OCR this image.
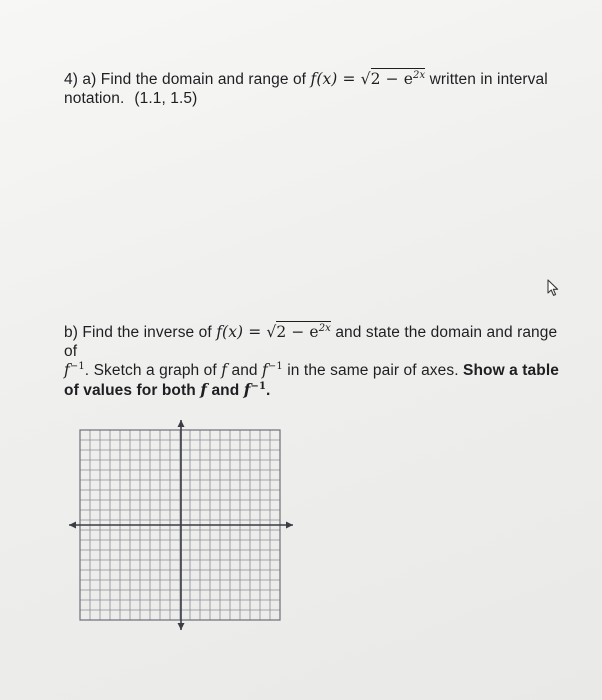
4) a) Find the domain and range of $f(x) = √2 - e^{2x}$ written in interval
notation. (1.1, 1.5)
b) Find the inverse of $f(x) = √2 - e^{2x}$ and state the domain and range of
$f^{-1}$. Sketch a graph of f and $f^{-1}$ in the same pair of axes. Show a table
of values for both f and $f^{-1}$.
